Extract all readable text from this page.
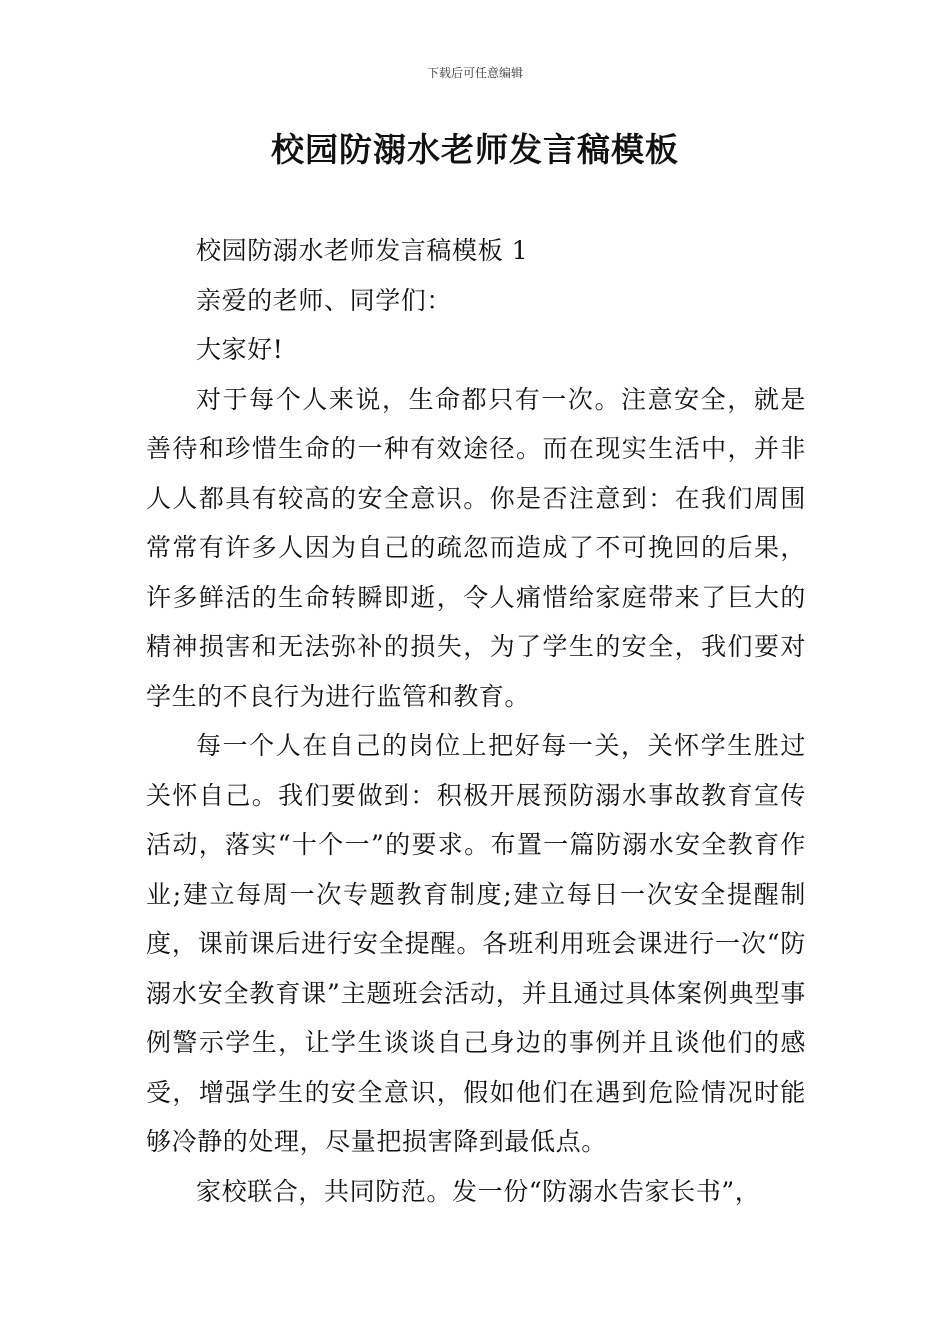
下载后可任意编辑
校园防溺水老师发言稿模板

校园防溺水老师发言稿模板 1

亲爱的老师、同学们：

大家好!

对于每个人来说，生命都只有一次。注意安全，就是善待和珍惜生命的一种有效途径。而在现实生活中，并非人人都具有较高的安全意识。你是否注意到：在我们周围常常有许多人因为自己的疏忽而造成了不可挽回的后果，许多鲜活的生命转瞬即逝，令人痛惜给家庭带来了巨大的精神损害和无法弥补的损失，为了学生的安全，我们要对学生的不良行为进行监管和教育。

每一个人在自己的岗位上把好每一关，关怀学生胜过关怀自己。我们要做到：积极开展预防溺水事故教育宣传活动，落实“十个一”的要求。布置一篇防溺水安全教育作业;建立每周一次专题教育制度;建立每日一次安全提醒制度，课前课后进行安全提醒。各班利用班会课进行一次“防溺水安全教育课”主题班会活动，并且通过具体案例典型事例警示学生，让学生谈谈自己身边的事例并且谈他们的感受，增强学生的安全意识，假如他们在遇到危险情况时能够冷静的处理，尽量把损害降到最低点。

家校联合，共同防范。发一份“防溺水告家长书”，
